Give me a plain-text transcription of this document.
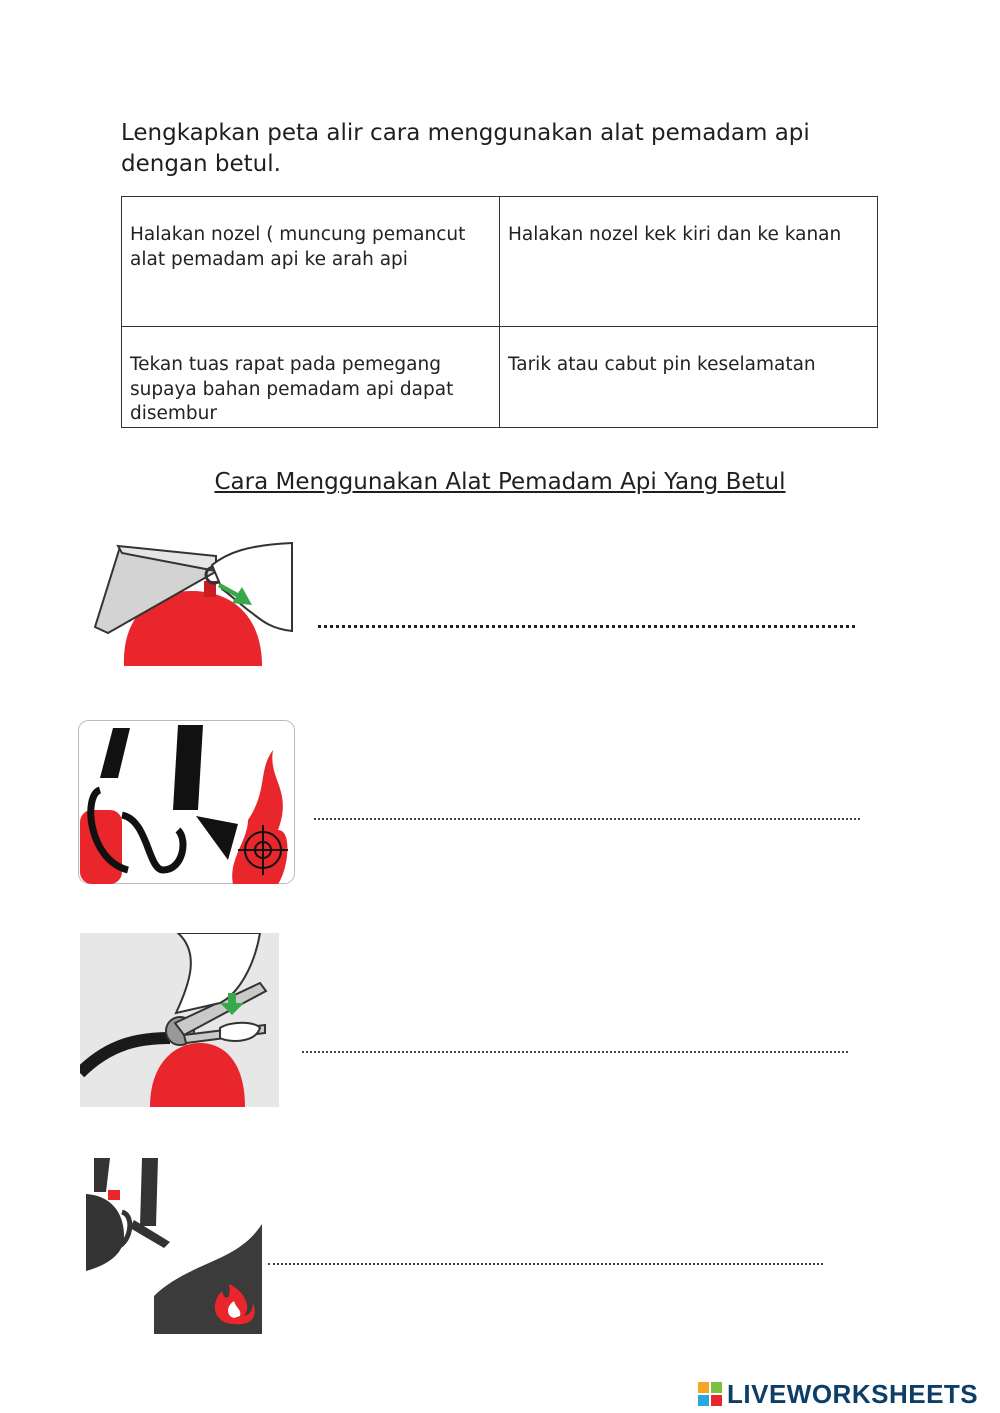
Lengkapkan peta alir cara menggunakan alat pemadam api dengan betul.
Halakan nozel ( muncung pemancut alat pemadam api ke arah api	Halakan nozel kek kiri dan ke kanan
Tekan tuas rapat pada pemegang supaya bahan pemadam api dapat disembur	Tarik atau cabut pin keselamatan
Cara Menggunakan Alat Pemadam Api Yang Betul
LIVEWORKSHEETS
